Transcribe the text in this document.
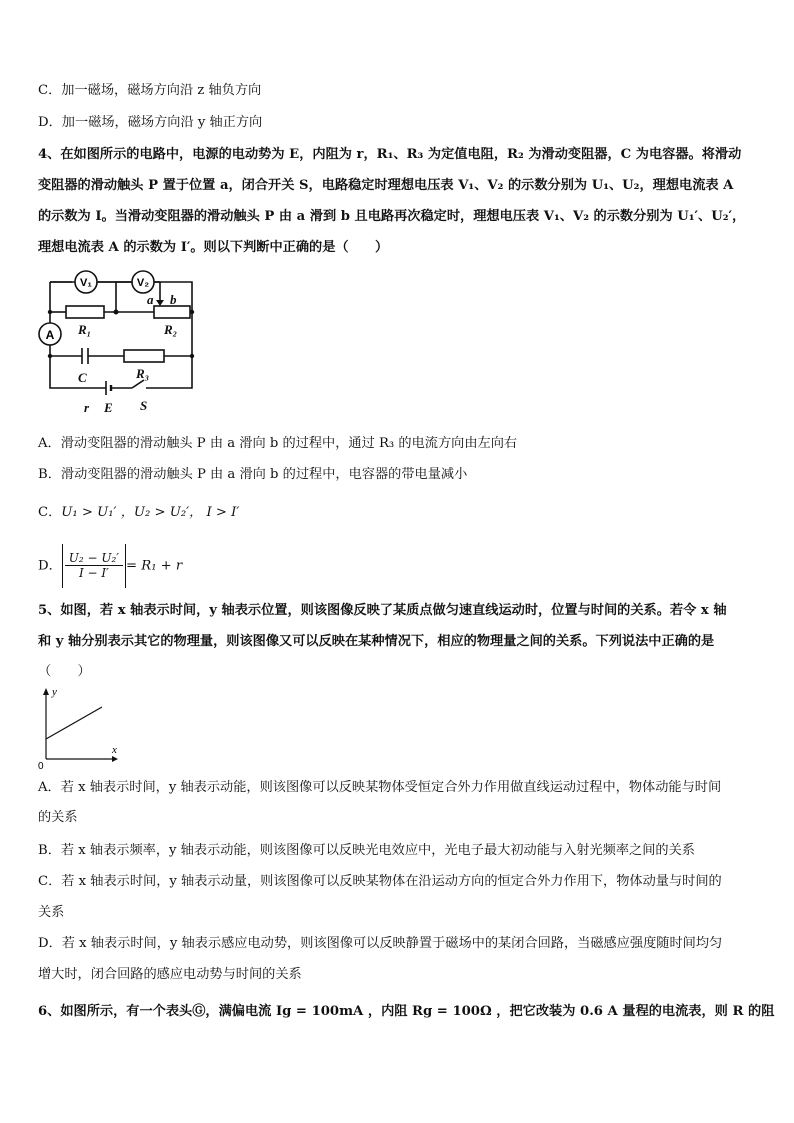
C．加一磁场，磁场方向沿 z 轴负方向
D．加一磁场，磁场方向沿 y 轴正方向
4、在如图所示的电路中，电源的电动势为 E，内阻为 r，R₁、R₃ 为定值电阻，R₂ 为滑动变阻器，C 为电容器。将滑动
变阻器的滑动触头 P 置于位置 a，闭合开关 S，电路稳定时理想电压表 V₁、V₂ 的示数分别为 U₁、U₂，理想电流表 A
的示数为 I。当滑动变阻器的滑动触头 P 由 a 滑到 b 且电路再次稳定时，理想电压表 V₁、V₂ 的示数分别为 U₁′、U₂′，
理想电流表 A 的示数为 I′。则以下判断中正确的是（　　）
V₁	V₂
A
a b
R₁	R₂
C	R₃
r E S
A．滑动变阻器的滑动触头 P 由 a 滑向 b 的过程中，通过 R₃ 的电流方向由左向右
B．滑动变阻器的滑动触头 P 由 a 滑向 b 的过程中，电容器的带电量减小
C．U₁ > U₁′ ，U₂ > U₂′， I > I′
D． $\frac{\text{U₂ − U₂′}}{I - I'} = R_1 + r$
5、如图，若 x 轴表示时间，y 轴表示位置，则该图像反映了某质点做匀速直线运动时，位置与时间的关系。若令 x 轴
和 y 轴分别表示其它的物理量，则该图像又可以反映在某种情况下，相应的物理量之间的关系。下列说法中正确的是
（　　）
y
x
0
A．若 x 轴表示时间，y 轴表示动能，则该图像可以反映某物体受恒定合外力作用做直线运动过程中，物体动能与时间
的关系
B．若 x 轴表示频率，y 轴表示动能，则该图像可以反映光电效应中，光电子最大初动能与入射光频率之间的关系
C．若 x 轴表示时间，y 轴表示动量，则该图像可以反映某物体在沿运动方向的恒定合外力作用下，物体动量与时间的
关系
D．若 x 轴表示时间，y 轴表示感应电动势，则该图像可以反映静置于磁场中的某闭合回路，当磁感应强度随时间均匀
增大时，闭合回路的感应电动势与时间的关系
6、如图所示，有一个表头Ⓖ，满偏电流 Ig = 100mA ，内阻 Rg = 100Ω ，把它改装为 0.6 A 量程的电流表，则 R 的阻
